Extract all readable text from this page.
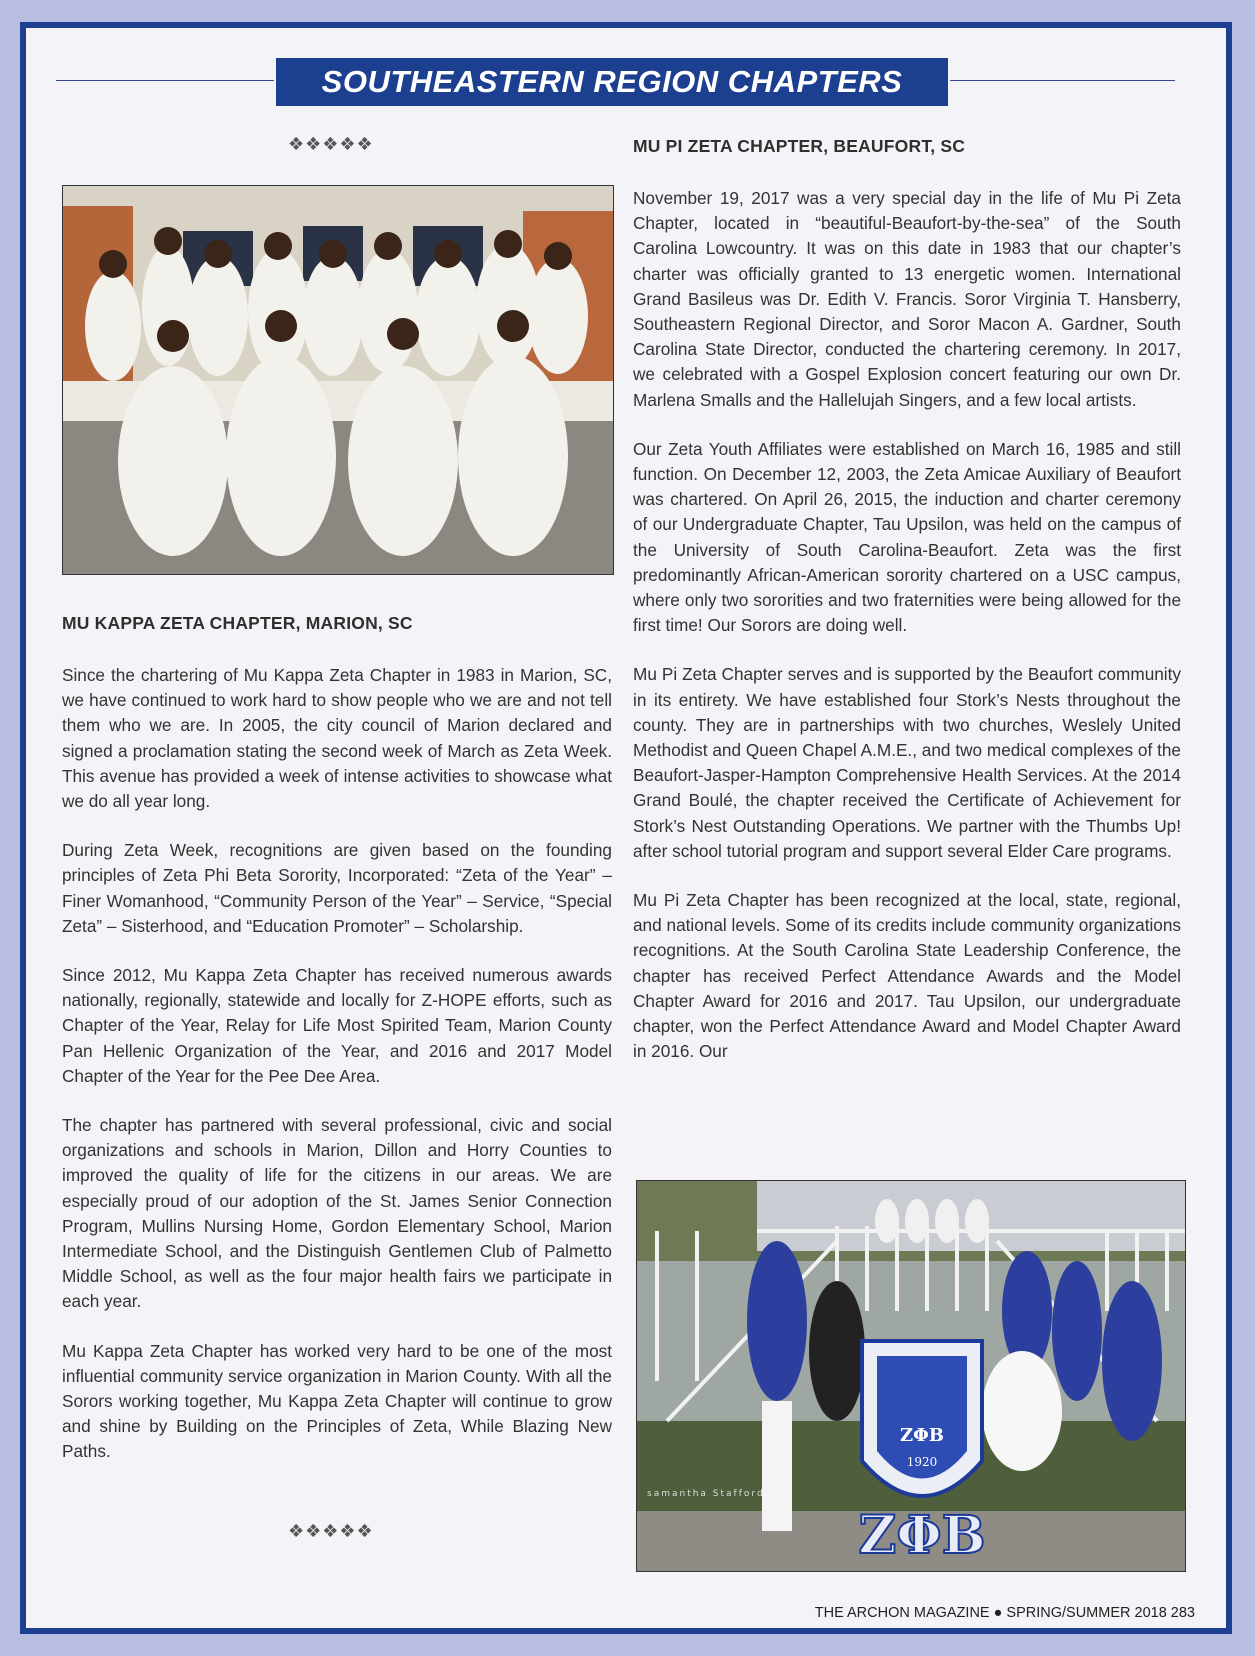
SOUTHEASTERN REGION CHAPTERS
❖❖❖❖❖
MU KAPPA ZETA CHAPTER, MARION, SC

Since the chartering of Mu Kappa Zeta Chapter in 1983 in Marion, SC, we have continued to work hard to show people who we are and not tell them who we are. In 2005, the city council of Marion declared and signed a proclamation stating the second week of March as Zeta Week. This avenue has provided a week of intense activities to showcase what we do all year long.

During Zeta Week, recognitions are given based on the founding principles of Zeta Phi Beta Sorority, Incorporated: “Zeta of the Year” – Finer Womanhood, “Community Person of the Year” – Service, “Special Zeta” – Sisterhood, and “Education Promoter” – Scholarship.

Since 2012, Mu Kappa Zeta Chapter has received numerous awards nationally, regionally, statewide and locally for Z-HOPE efforts, such as Chapter of the Year, Relay for Life Most Spirited Team, Marion County Pan Hellenic Organization of the Year, and 2016 and 2017 Model Chapter of the Year for the Pee Dee Area.

The chapter has partnered with several professional, civic and social organizations and schools in Marion, Dillon and Horry Counties to improved the quality of life for the citizens in our areas. We are especially proud of our adoption of the St. James Senior Connection Program, Mullins Nursing Home, Gordon Elementary School, Marion Intermediate School, and the Distinguish Gentlemen Club of Palmetto Middle School, as well as the four major health fairs we participate in each year.

Mu Kappa Zeta Chapter has worked very hard to be one of the most influential community service organization in Marion County. With all the Sorors working together, Mu Kappa Zeta Chapter will continue to grow and shine by Building on the Principles of Zeta, While Blazing New Paths.

❖❖❖❖❖
MU PI ZETA CHAPTER, BEAUFORT, SC

November 19, 2017 was a very special day in the life of Mu Pi Zeta Chapter, located in “beautiful-Beaufort-by-the-sea” of the South Carolina Lowcountry. It was on this date in 1983 that our chapter’s charter was officially granted to 13 energetic women. International Grand Basileus was Dr. Edith V. Francis. Soror Virginia T. Hansberry, Southeastern Regional Director, and Soror Macon A. Gardner, South Carolina State Director, conducted the chartering ceremony. In 2017, we celebrated with a Gospel Explosion concert featuring our own Dr. Marlena Smalls and the Hallelujah Singers, and a few local artists.

Our Zeta Youth Affiliates were established on March 16, 1985 and still function. On December 12, 2003, the Zeta Amicae Auxiliary of Beaufort was chartered. On April 26, 2015, the induction and charter ceremony of our Undergraduate Chapter, Tau Upsilon, was held on the campus of the University of South Carolina-Beaufort. Zeta was the first predominantly African-American sorority chartered on a USC campus, where only two sororities and two fraternities were being allowed for the first time! Our Sorors are doing well.

Mu Pi Zeta Chapter serves and is supported by the Beaufort community in its entirety. We have established four Stork’s Nests throughout the county. They are in partnerships with two churches, Weslely United Methodist and Queen Chapel A.M.E., and two medical complexes of the Beaufort-Jasper-Hampton Comprehensive Health Services. At the 2014 Grand Boulé, the chapter received the Certificate of Achievement for Stork’s Nest Outstanding Operations. We partner with the Thumbs Up! after school tutorial program and support several Elder Care programs.

Mu Pi Zeta Chapter has been recognized at the local, state, regional, and national levels. Some of its credits include community organizations recognitions. At the South Carolina State Leadership Conference, the chapter has received Perfect Attendance Awards and the Model Chapter Award for 2016 and 2017. Tau Upsilon, our undergraduate chapter, won the Perfect Attendance Award and Model Chapter Award in 2016. Our

ZΦB
1920
ZΦB
samantha Stafford
THE ARCHON MAGAZINE ● SPRING/SUMMER 2018 283
